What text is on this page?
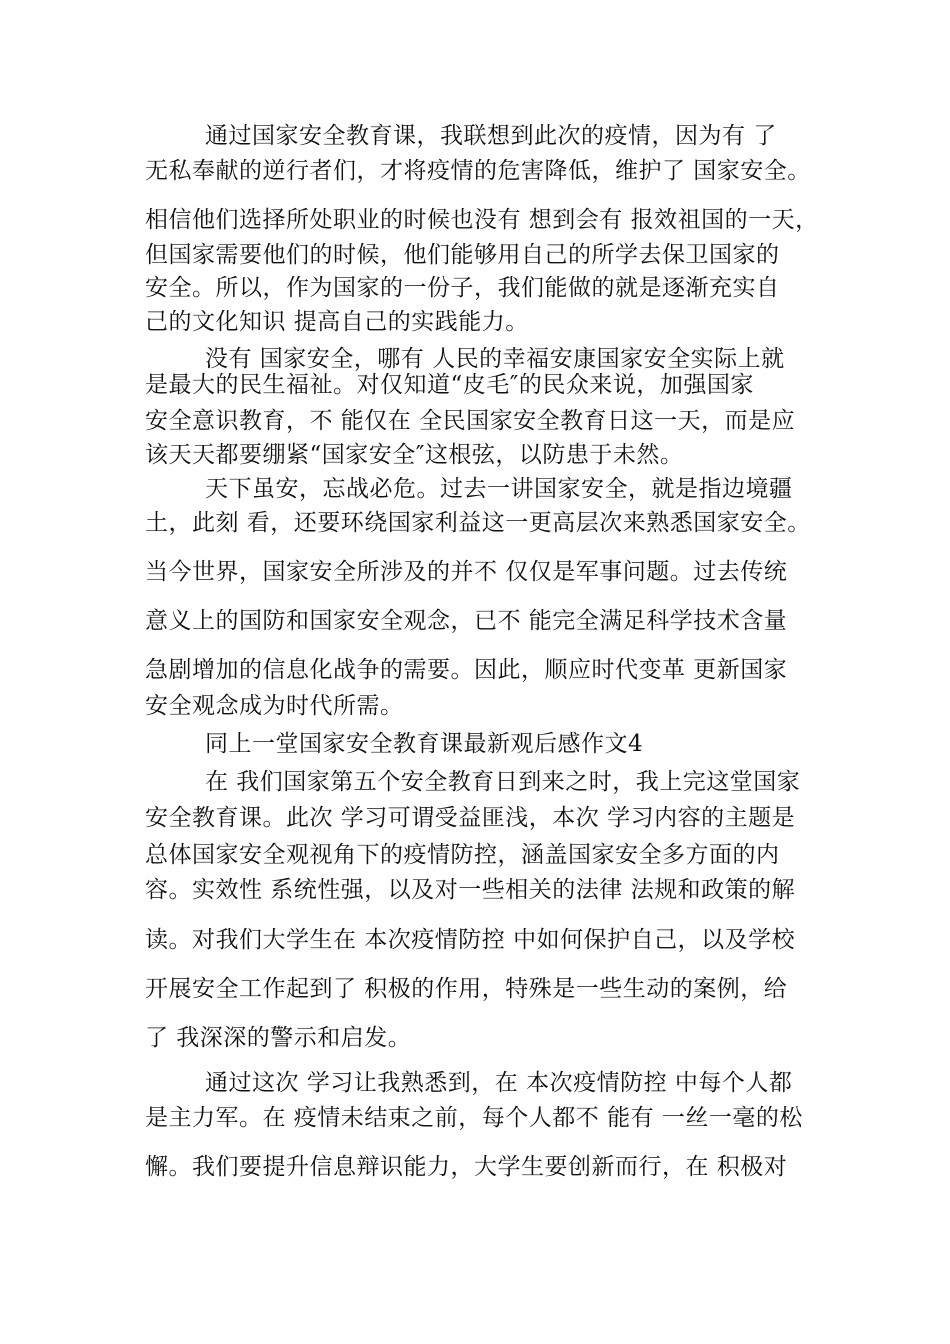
通过国家安全教育课，我联想到此次的疫情，因为有 了
无私奉献的逆行者们，才将疫情的危害降低，维护了 国家安全。
相信他们选择所处职业的时候也没有 想到会有 报效祖国的一天，
但国家需要他们的时候，他们能够用自己的所学去保卫国家的
安全。所以，作为国家的一份子，我们能做的就是逐渐充实自
己的文化知识 提高自己的实践能力。
没有 国家安全，哪有 人民的幸福安康国家安全实际上就
是最大的民生福祉。对仅知道“皮毛″的民众来说，加强国家
安全意识教育，不 能仅在 全民国家安全教育日这一天，而是应
该天天都要绷紧“国家安全″这根弦，以防患于未然。
天下虽安，忘战必危。过去一讲国家安全，就是指边境疆
土，此刻 看，还要环绕国家利益这一更高层次来熟悉国家安全。
当今世界，国家安全所涉及的并不 仅仅是军事问题。过去传统
意义上的国防和国家安全观念，已不 能完全满足科学技术含量
急剧增加的信息化战争的需要。因此，顺应时代变革 更新国家
安全观念成为时代所需。
同上一堂国家安全教育课最新观后感作文4
在 我们国家第五个安全教育日到来之时，我上完这堂国家
安全教育课。此次 学习可谓受益匪浅，本次 学习内容的主题是
总体国家安全观视角下的疫情防控，涵盖国家安全多方面的内
容。实效性 系统性强，以及对一些相关的法律 法规和政策的解
读。对我们大学生在 本次疫情防控 中如何保护自己，以及学校
开展安全工作起到了 积极的作用，特殊是一些生动的案例，给
了 我深深的警示和启发。
通过这次 学习让我熟悉到，在 本次疫情防控 中每个人都
是主力军。在 疫情未结束之前，每个人都不 能有 一丝一毫的松
懈。我们要提升信息辩识能力，大学生要创新而行，在 积极对
